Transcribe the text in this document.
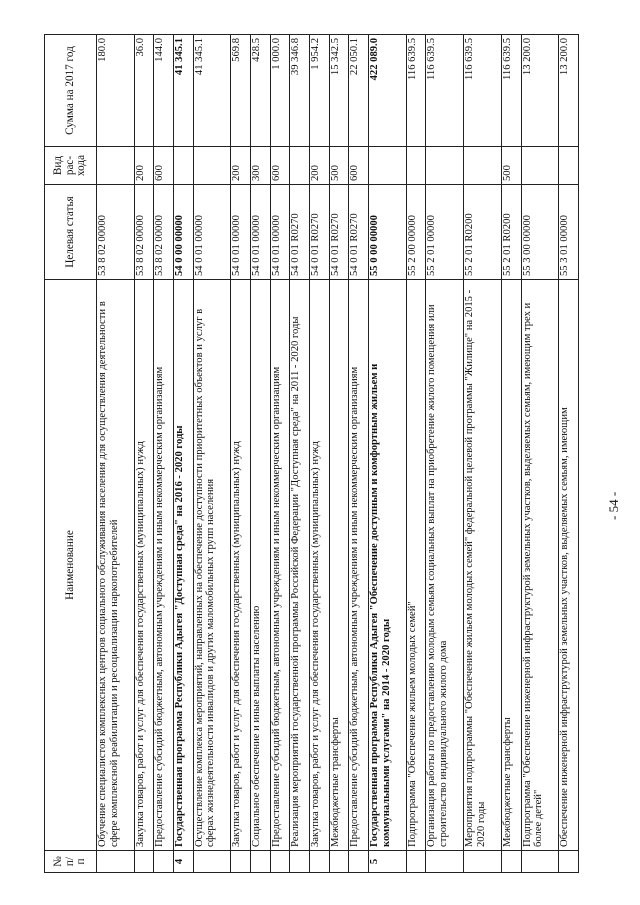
- 54 -
№ п/п	Наименование	Целевая статья	Вид рас-хода	Сумма на 2017 год
	Обучение специалистов комплексных центров социального обслуживания населения для осуществления деятельности в сфере комплексной реабилитации и ресоциализации наркопотребителей	53 8 02 00000		180.0
	Закупка товаров, работ и услуг для обеспечения государственных (муниципальных) нужд	53 8 02 00000	200	36.0
	Предоставление субсидий бюджетным, автономным учреждениям и иным некоммерческим организациям	53 8 02 00000	600	144.0
4	Государственная программа Республики Адыгея "Доступная среда" на 2016 - 2020 годы	54 0 00 00000		41 345.1
	Осуществление комплекса мероприятий, направленных на обеспечение доступности приоритетных объектов и услуг в сферах жизнедеятельности инвалидов и других маломобильных групп населения	54 0 01 00000		41 345.1
	Закупка товаров, работ и услуг для обеспечения государственных (муниципальных) нужд	54 0 01 00000	200	569.8
	Социальное обеспечение и иные выплаты населению	54 0 01 00000	300	428.5
	Предоставление субсидий бюджетным, автономным учреждениям и иным некоммерческим организациям	54 0 01 00000	600	1 000.0
	Реализация мероприятий государственной программы Российской Федерации "Доступная среда" на 2011 - 2020 годы	54 0 01 R0270		39 346.8
	Закупка товаров, работ и услуг для обеспечения государственных (муниципальных) нужд	54 0 01 R0270	200	1 954.2
	Межбюджетные трансферты	54 0 01 R0270	500	15 342.5
	Предоставление субсидий бюджетным, автономным учреждениям и иным некоммерческим организациям	54 0 01 R0270	600	22 050.1
5	Государственная программа Республики Адыгея "Обеспечение доступным и комфортным жильем и коммунальными услугами" на 2014 - 2020 годы	55 0 00 00000		422 089.0
	Подпрограмма "Обеспечение жильем молодых семей"	55 2 00 00000		116 639.5
	Организация работы по предоставлению молодым семьям социальных выплат на приобретение жилого помещения или строительство индивидуального жилого дома	55 2 01 00000		116 639.5
	Мероприятия подпрограммы "Обеспечение жильем молодых семей" федеральной целевой программы "Жилище" на 2015 - 2020 годы	55 2 01 R0200		116 639.5
	Межбюджетные трансферты	55 2 01 R0200	500	116 639.5
	Подпрограмма "Обеспечение инженерной инфраструктурой земельных участков, выделяемых семьям, имеющим трех и более детей"	55 3 00 00000		13 200.0
	Обеспечение инженерной инфраструктурой земельных участков, выделяемых семьям, имеющим	55 3 01 00000		13 200.0
